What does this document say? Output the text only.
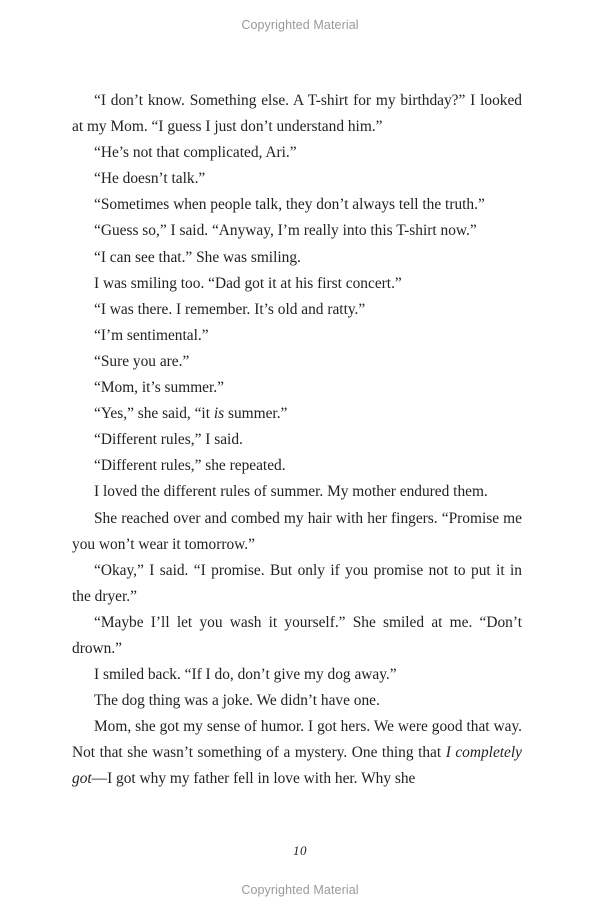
Copyrighted Material

“I don’t know. Something else. A T-shirt for my birthday?” I looked at my Mom. “I guess I just don’t understand him.”

“He’s not that complicated, Ari.”

“He doesn’t talk.”

“Sometimes when people talk, they don’t always tell the truth.”

“Guess so,” I said. “Anyway, I’m really into this T-shirt now.”

“I can see that.” She was smiling.

I was smiling too. “Dad got it at his first concert.”

“I was there. I remember. It’s old and ratty.”

“I’m sentimental.”

“Sure you are.”

“Mom, it’s summer.”

“Yes,” she said, “it is summer.”

“Different rules,” I said.

“Different rules,” she repeated.

I loved the different rules of summer. My mother endured them.

She reached over and combed my hair with her fingers. “Promise me you won’t wear it tomorrow.”

“Okay,” I said. “I promise. But only if you promise not to put it in the dryer.”

“Maybe I’ll let you wash it yourself.” She smiled at me. “Don’t drown.”

I smiled back. “If I do, don’t give my dog away.”

The dog thing was a joke. We didn’t have one.

Mom, she got my sense of humor. I got hers. We were good that way. Not that she wasn’t something of a mystery. One thing that I completely got—I got why my father fell in love with her. Why she

10
Copyrighted Material
